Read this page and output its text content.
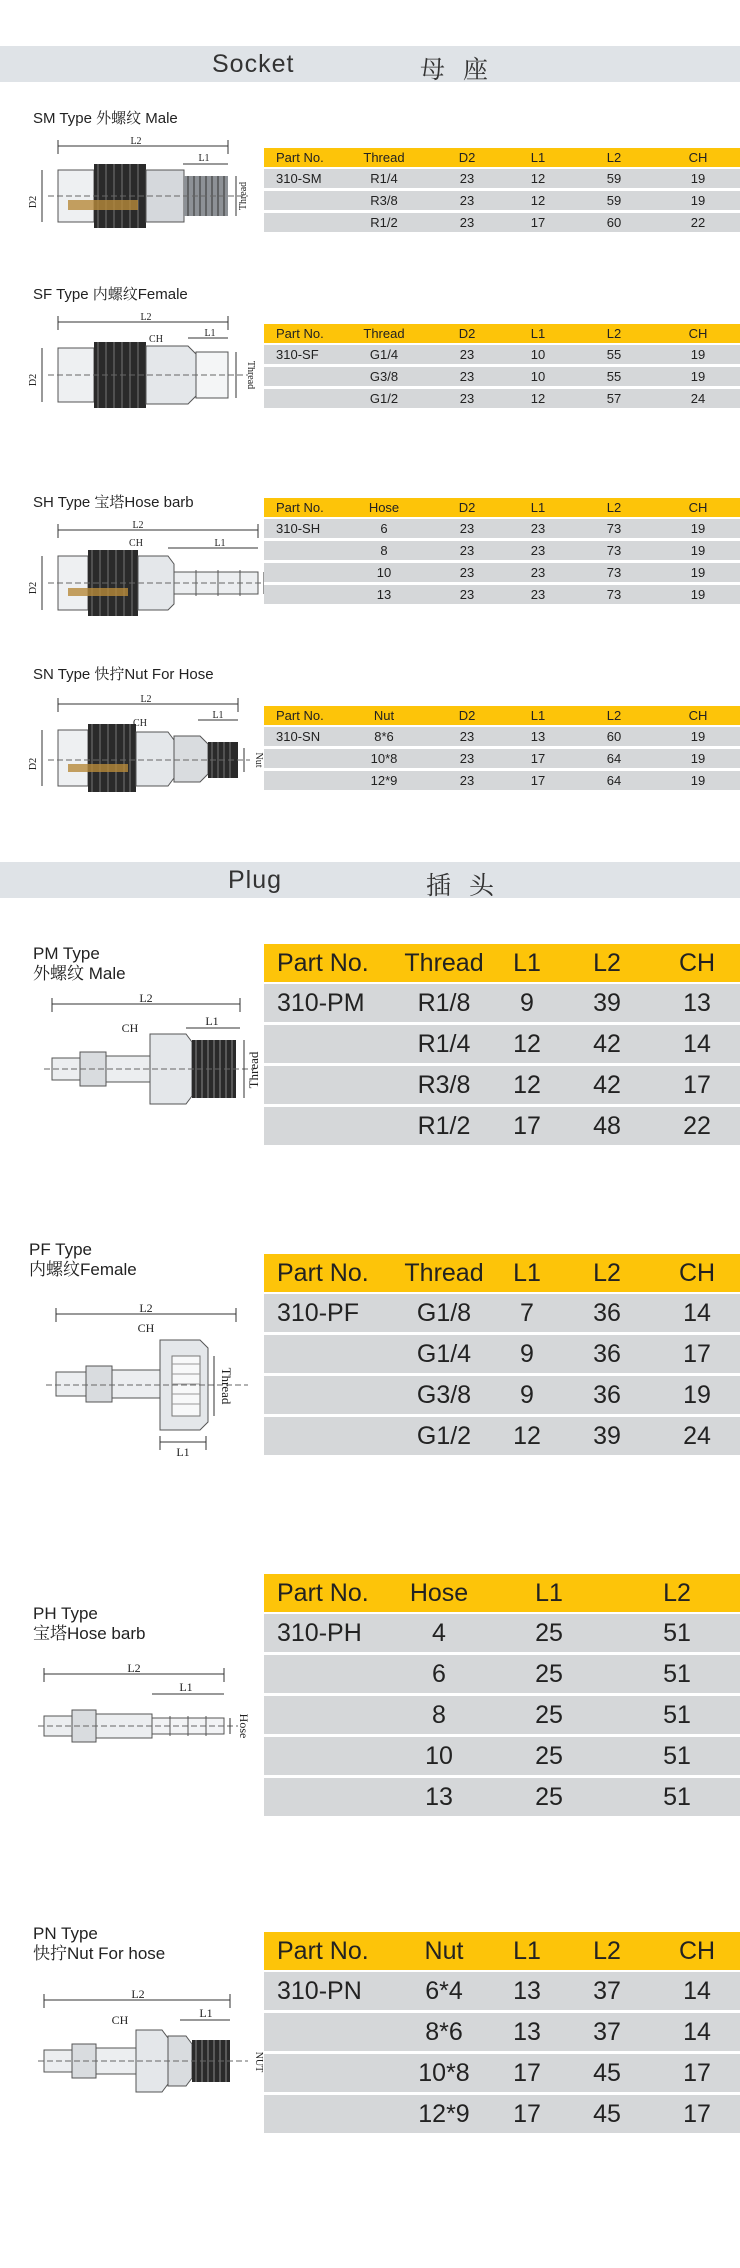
Socket	母座
SM Type 外螺纹 Male
L2
L1
D2	Thread
Part No.	Thread	D2	L1	L2	CH
310-SM	R1/4	23	12	59	19
	R3/8	23	12	59	19
	R1/2	23	17	60	22
SF Type 内螺纹Female
L2
CH
L1
D2	Thread
Part No.	Thread	D2	L1	L2	CH
310-SF	G1/4	23	10	55	19
	G3/8	23	10	55	19
	G1/2	23	12	57	24
SH Type 宝塔Hose barb
L2
CH	L1
D2
Part No.	Hose	D2	L1	L2	CH
310-SH	6	23	23	73	19
	8	23	23	73	19
	10	23	23	73	19
	13	23	23	73	19
SN Type 快拧Nut For Hose
L2
CH
L1
D2	Nut
Part No.	Nut	D2	L1	L2	CH
310-SN	8*6	23	13	60	19
	10*8	23	17	64	19
	12*9	23	17	64	19
Plug	插头
PM Type
外螺纹 Male
L2
CH	L1
Thread
Part No.	Thread	L1	L2	CH
310-PM	R1/8	9	39	13
	R1/4	12	42	14
	R3/8	12	42	17
	R1/2	17	48	22
PF Type
内螺纹Female
L2
CH
Thread
L1
Part No.	Thread	L1	L2	CH
310-PF	G1/8	7	36	14
	G1/4	9	36	17
	G3/8	9	36	19
	G1/2	12	39	24
PH Type
宝塔Hose barb
L2
L1
Hose
Part No.	Hose	L1	L2
310-PH	4	25	51
	6	25	51
	8	25	51
	10	25	51
	13	25	51
PN Type
快拧Nut For hose
L2
CH	L1
NUT
Part No.	Nut	L1	L2	CH
310-PN	6*4	13	37	14
	8*6	13	37	14
	10*8	17	45	17
	12*9	17	45	17
